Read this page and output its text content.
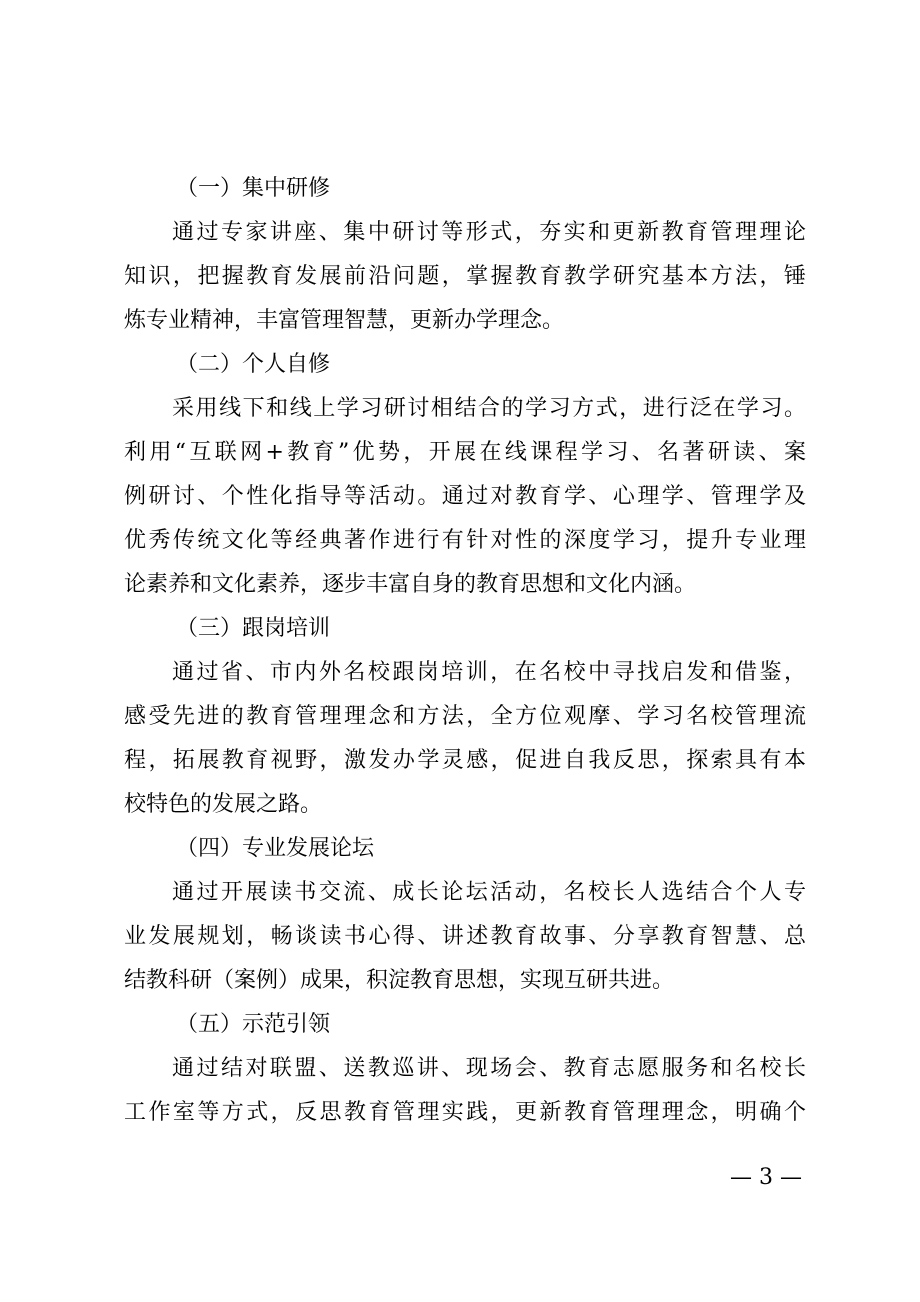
（一）集中研修
通过专家讲座、集中研讨等形式，夯实和更新教育管理理论
知识，把握教育发展前沿问题，掌握教育教学研究基本方法，锤
炼专业精神，丰富管理智慧，更新办学理念。
（二）个人自修
采用线下和线上学习研讨相结合的学习方式，进行泛在学习。
利用“互联网+教育”优势，开展在线课程学习、名著研读、案
例研讨、个性化指导等活动。通过对教育学、心理学、管理学及
优秀传统文化等经典著作进行有针对性的深度学习，提升专业理
论素养和文化素养，逐步丰富自身的教育思想和文化内涵。
（三）跟岗培训
通过省、市内外名校跟岗培训，在名校中寻找启发和借鉴，
感受先进的教育管理理念和方法，全方位观摩、学习名校管理流
程，拓展教育视野，激发办学灵感，促进自我反思，探索具有本
校特色的发展之路。
（四）专业发展论坛
通过开展读书交流、成长论坛活动，名校长人选结合个人专
业发展规划，畅谈读书心得、讲述教育故事、分享教育智慧、总
结教科研（案例）成果，积淀教育思想，实现互研共进。
（五）示范引领
通过结对联盟、送教巡讲、现场会、教育志愿服务和名校长
工作室等方式，反思教育管理实践，更新教育管理理念，明确个
— 3 —
